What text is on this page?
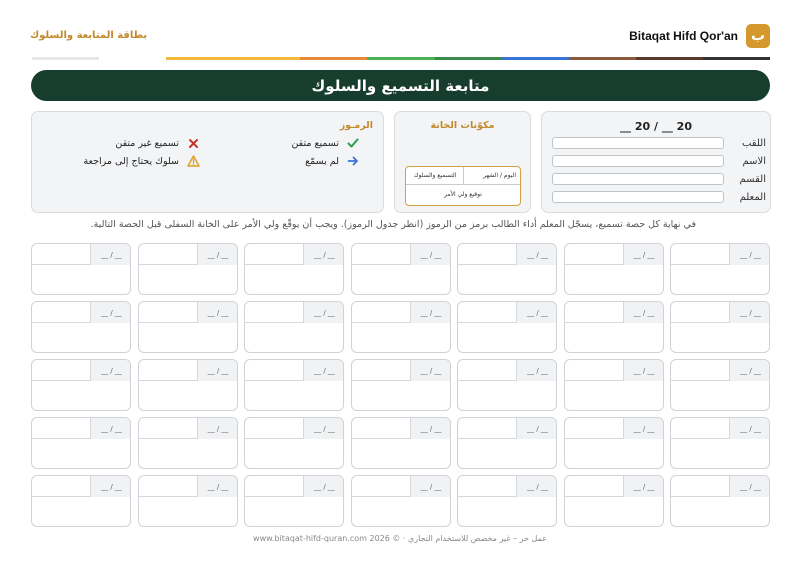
ب
Bitaqat Hifd Qor'an
بطاقة المتابعة والسلوك
متابعة التسميع والسلوك
__ 20 / __ 20
اللقب
الاسم
القسم
المعلم
مكوّنات الخانة
اليوم / الشهر
التسميع والسلوك
توقيع ولي الأمر
الرمـوز
تسميع متقن
تسميع غير متقن
لم يسمّع
سلوك يحتاج إلى مراجعة
في نهاية كل حصة تسميع، يسجّل المعلم أداء الطالب برمز من الرموز (انظر جدول الرموز). ويجب أن يوقّع ولي الأمر على الخانة السفلى قبل الحصة التالية.
__ / __	__ / __	__ / __	__ / __	__ / __	__ / __	__ / __
__ / __	__ / __	__ / __	__ / __	__ / __	__ / __	__ / __
__ / __	__ / __	__ / __	__ / __	__ / __	__ / __	__ / __
__ / __	__ / __	__ / __	__ / __	__ / __	__ / __	__ / __
__ / __	__ / __	__ / __	__ / __	__ / __	__ / __	__ / __
عمل حر – غير مخصص للاستخدام التجاري · © 2026 www.bitaqat-hifd-quran.com
